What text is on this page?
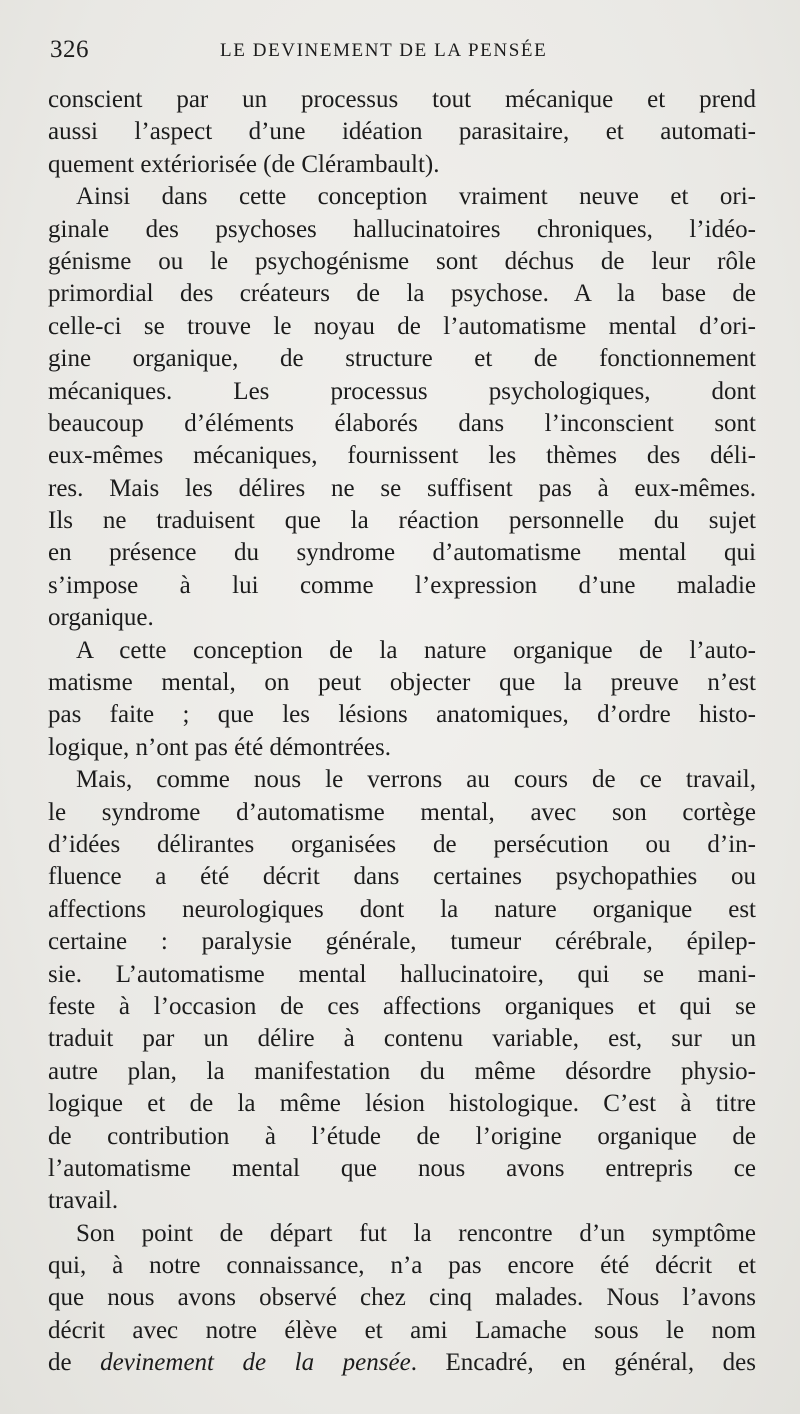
326	LE DEVINEMENT DE LA PENSÉE
conscient par un processus tout mécanique et prend
aussi l’aspect d’une idéation parasitaire, et automati-
quement extériorisée (de Clérambault).
Ainsi dans cette conception vraiment neuve et ori-
ginale des psychoses hallucinatoires chroniques, l’idéo-
génisme ou le psychogénisme sont déchus de leur rôle
primordial des créateurs de la psychose. A la base de
celle-ci se trouve le noyau de l’automatisme mental d’ori-
gine organique, de structure et de fonctionnement
mécaniques. Les processus psychologiques, dont
beaucoup d’éléments élaborés dans l’inconscient sont
eux-mêmes mécaniques, fournissent les thèmes des déli-
res. Mais les délires ne se suffisent pas à eux-mêmes.
Ils ne traduisent que la réaction personnelle du sujet
en présence du syndrome d’automatisme mental qui
s’impose à lui comme l’expression d’une maladie
organique.
A cette conception de la nature organique de l’auto-
matisme mental, on peut objecter que la preuve n’est
pas faite ; que les lésions anatomiques, d’ordre histo-
logique, n’ont pas été démontrées.
Mais, comme nous le verrons au cours de ce travail,
le syndrome d’automatisme mental, avec son cortège
d’idées délirantes organisées de persécution ou d’in-
fluence a été décrit dans certaines psychopathies ou
affections neurologiques dont la nature organique est
certaine : paralysie générale, tumeur cérébrale, épilep-
sie. L’automatisme mental hallucinatoire, qui se mani-
feste à l’occasion de ces affections organiques et qui se
traduit par un délire à contenu variable, est, sur un
autre plan, la manifestation du même désordre physio-
logique et de la même lésion histologique. C’est à titre
de contribution à l’étude de l’origine organique de
l’automatisme mental que nous avons entrepris ce
travail.
Son point de départ fut la rencontre d’un symptôme
qui, à notre connaissance, n’a pas encore été décrit et
que nous avons observé chez cinq malades. Nous l’avons
décrit avec notre élève et ami Lamache sous le nom
de devinement de la pensée. Encadré, en général, des
